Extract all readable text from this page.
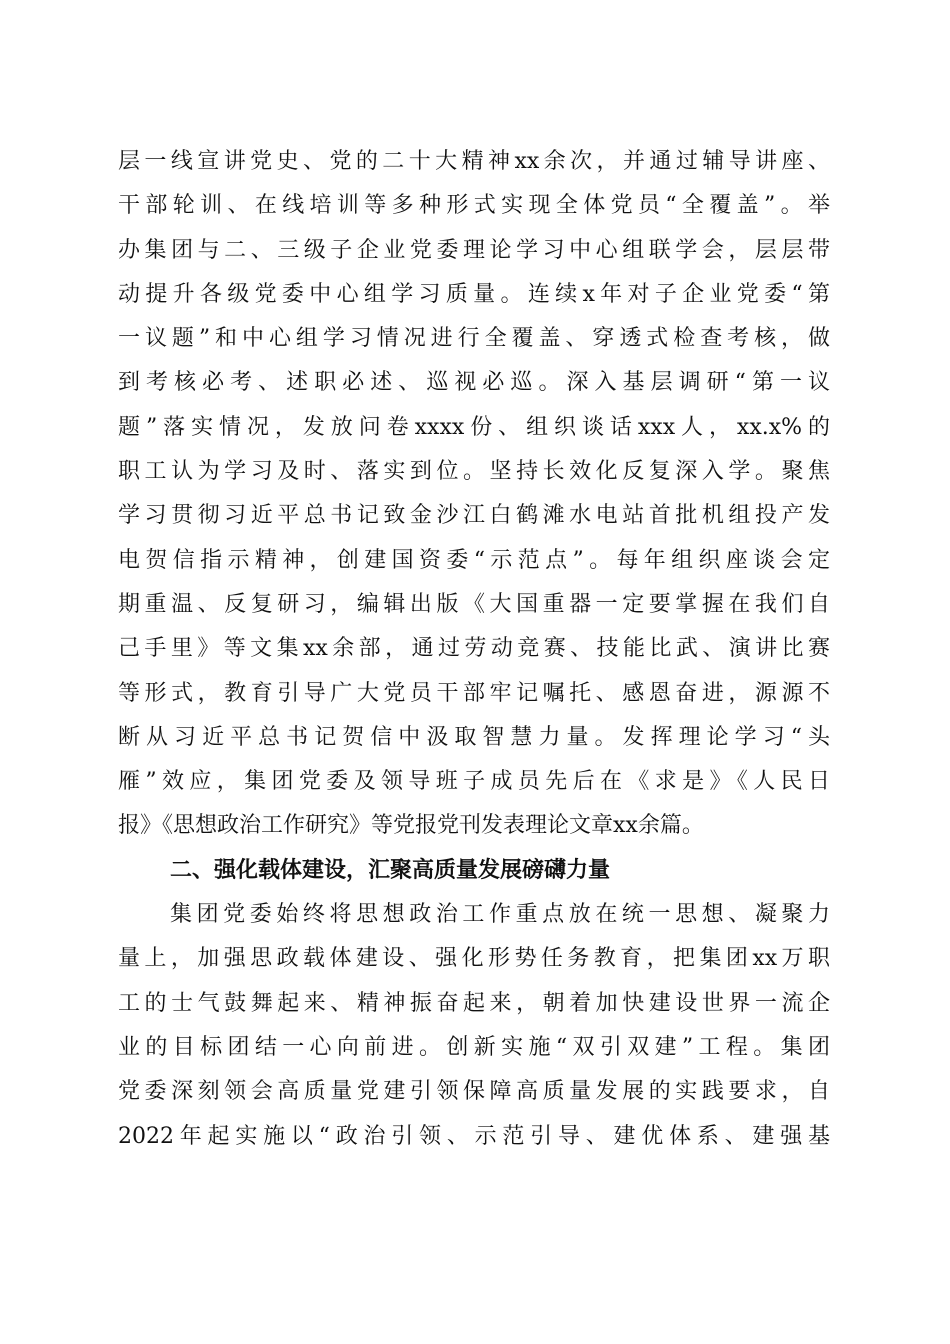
层一线宣讲党史、党的二十大精神xx余次，并通过辅导讲座、
干部轮训、在线培训等多种形式实现全体党员“全覆盖”。举
办集团与二、三级子企业党委理论学习中心组联学会，层层带
动提升各级党委中心组学习质量。连续x年对子企业党委“第
一议题”和中心组学习情况进行全覆盖、穿透式检查考核，做
到考核必考、述职必述、巡视必巡。深入基层调研“第一议
题”落实情况，发放问卷xxxx份、组织谈话xxx人，xx.x%的
职工认为学习及时、落实到位。坚持长效化反复深入学。聚焦
学习贯彻习近平总书记致金沙江白鹤滩水电站首批机组投产发
电贺信指示精神，创建国资委“示范点”。每年组织座谈会定
期重温、反复研习，编辑出版《大国重器一定要掌握在我们自
己手里》等文集xx余部，通过劳动竞赛、技能比武、演讲比赛
等形式，教育引导广大党员干部牢记嘱托、感恩奋进，源源不
断从习近平总书记贺信中汲取智慧力量。发挥理论学习“头
雁”效应，集团党委及领导班子成员先后在《求是》《人民日
报》《思想政治工作研究》等党报党刊发表理论文章xx余篇。
二、强化载体建设，汇聚高质量发展磅礴力量
集团党委始终将思想政治工作重点放在统一思想、凝聚力
量上，加强思政载体建设、强化形势任务教育，把集团xx万职
工的士气鼓舞起来、精神振奋起来，朝着加快建设世界一流企
业的目标团结一心向前进。创新实施“双引双建”工程。集团
党委深刻领会高质量党建引领保障高质量发展的实践要求，自
2022年起实施以“政治引领、示范引导、建优体系、建强基
